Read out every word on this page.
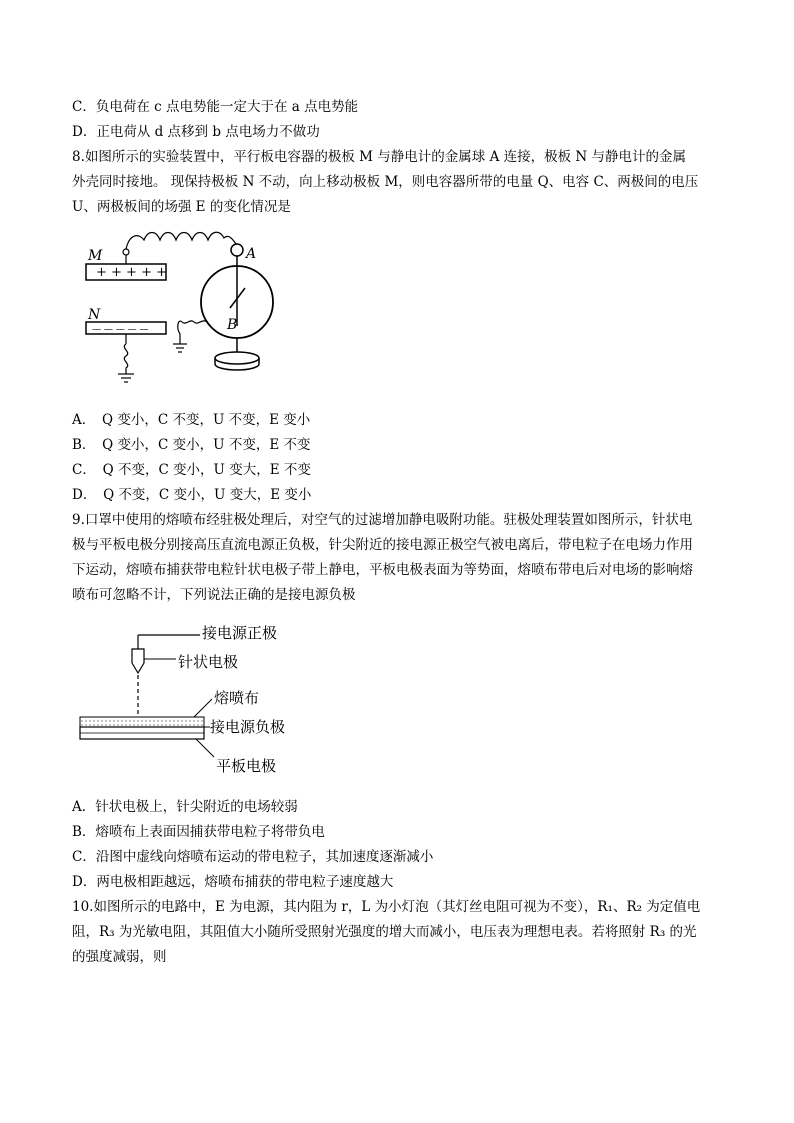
C．负电荷在 c 点电势能一定大于在 a 点电势能
D．正电荷从 d 点移到 b 点电场力不做功
8.如图所示的实验装置中，平行板电容器的极板 M 与静电计的金属球 A 连接，极板 N 与静电计的金属
外壳同时接地。 现保持极板 N 不动，向上移动极板 M，则电容器所带的电量 Q、电容 C、两极间的电压
U、两极板间的场强 E 的变化情况是
+ + + + +
M	A
B
— — — — —
N
A．　Q 变小，C 不变，U 不变，E 变小
B．　Q 变小，C 变小，U 不变，E 不变
C．　Q 不变，C 变小，U 变大，E 不变
D．　Q 不变，C 变小，U 变大，E 变小
9.口罩中使用的熔喷布经驻极处理后，对空气的过滤增加静电吸附功能。驻极处理装置如图所示，针状电
极与平板电极分别接高压直流电源正负极，针尖附近的接电源正极空气被电离后，带电粒子在电场力作用
下运动，熔喷布捕获带电粒针状电极子带上静电，平板电极表面为等势面，熔喷布带电后对电场的影响熔
喷布可忽略不计，下列说法正确的是接电源负极
接电源正极
针状电极
熔喷布
接电源负极
平板电极
A．针状电极上，针尖附近的电场较弱
B．熔喷布上表面因捕获带电粒子将带负电
C．沿图中虚线向熔喷布运动的带电粒子，其加速度逐渐减小
D．两电极相距越远，熔喷布捕获的带电粒子速度越大
10.如图所示的电路中，E 为电源，其内阻为 r，L 为小灯泡（其灯丝电阻可视为不变），R₁、R₂ 为定值电
阻，R₃ 为光敏电阻，其阻值大小随所受照射光强度的增大而减小，电压表为理想电表。若将照射 R₃ 的光
的强度减弱，则
